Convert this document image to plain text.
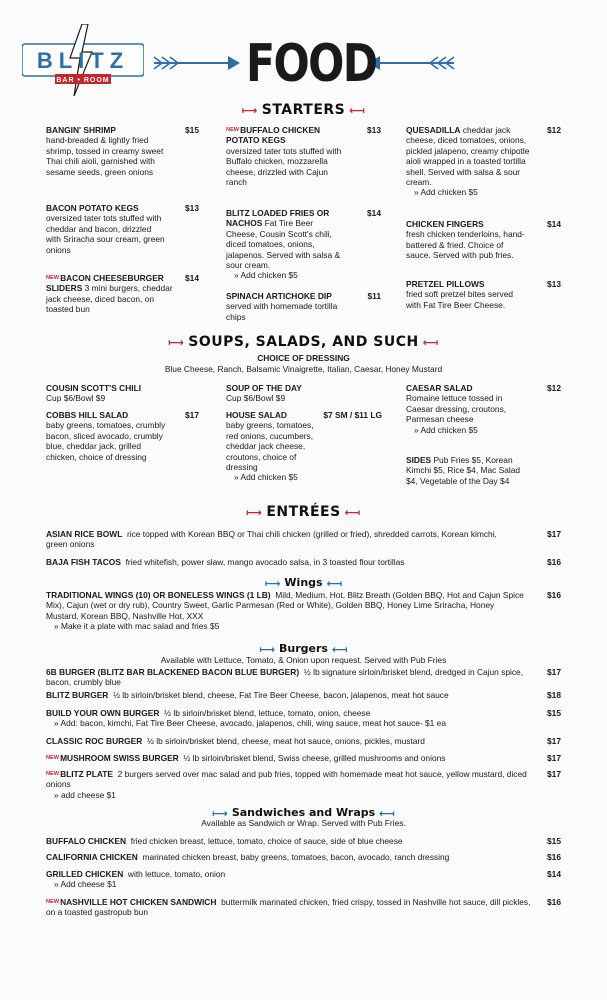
BLITZ
BAR • ROOM	FOOD
⟼ STARTERS ⟻
BANGIN' SHRIMP
hand-breaded & lightly fried shrimp, tossed in creamy sweet Thai chili aioli, garnished with sesame seeds, green onions
$15
BACON POTATO KEGS
oversized tater tots stuffed with cheddar and bacon, drizzled with Sriracha sour cream, green onions
$13
$^{NEW}$BACON CHEESEBURGER SLIDERS 3 mini burgers, cheddar jack cheese, diced bacon, on toasted bun
$14
$^{NEW}$BUFFALO CHICKEN POTATO KEGS
oversized tater tots stuffed with Buffalo chicken, mozzarella cheese, drizzled with Cajun ranch
$13
BLITZ LOADED FRIES OR NACHOS Fat Tire Beer Cheese, Cousin Scott's chili, diced tomatoes, onions, jalapenos. Served with salsa & sour cream.
» Add chicken $5
$14
SPINACH ARTICHOKE DIP
served with homemade tortilla chips
$11
QUESADILLA cheddar jack cheese, diced tomatoes, onions, pickled jalapeno, creamy chipotle aioli wrapped in a toasted tortilla shell. Served with salsa & sour cream.
» Add chicken $5
$12
CHICKEN FINGERS
fresh chicken tenderloins, hand-battered & fried. Choice of sauce. Served with pub fries.
$14
PRETZEL PILLOWS
fried soft pretzel bites served with Fat Tire Beer Cheese.
$13
⟼ SOUPS, SALADS, AND SUCH ⟻
CHOICE OF DRESSING
Blue Cheese, Ranch, Balsamic Vinaigrette, Italian, Caesar, Honey Mustard
COUSIN SCOTT'S CHILI
Cup $6/Bowl $9
COBBS HILL SALAD
baby greens, tomatoes, crumbly bacon, sliced avocado, crumbly blue, cheddar jack, grilled chicken, choice of dressing
$17
SOUP OF THE DAY
Cup $6/Bowl $9
HOUSE SALAD
baby greens, tomatoes, red onions, cucumbers, cheddar jack cheese, croutons, choice of dressing
» Add chicken $5
$7 SM / $11 LG
CAESAR SALAD
Romaine lettuce tossed in Caesar dressing, croutons, Parmesan cheese
» Add chicken $5
$12
SIDES Pub Fries $5, Korean Kimchi $5, Rice $4, Mac Salad $4, Vegetable of the Day $4
⟼ ENTRÉES ⟻
ASIAN RICE BOWL rice topped with Korean BBQ or Thai chili chicken (grilled or fried), shredded carrots, Korean kimchi, green onions
$17
BAJA FISH TACOS fried whitefish, power slaw, mango avocado salsa, in 3 toasted flour tortillas	$16
⟼ Wings ⟻
TRADITIONAL WINGS (10) OR BONELESS WINGS (1 LB) Mild, Medium, Hot, Blitz Breath (Golden BBQ, Hot and Cajun Spice Mix), Cajun (wet or dry rub), Country Sweet, Garlic Parmesan (Red or White), Golden BBQ, Honey Lime Sriracha, Honey Mustard, Korean BBQ, Nashville Hot, XXX
» Make it a plate with mac salad and fries $5
$16
⟼ Burgers ⟻
Available with Lettuce, Tomato, & Onion upon request. Served with Pub Fries
6B BURGER (BLITZ BAR BLACKENED BACON BLUE BURGER) ½ lb signature sirloin/brisket blend, dredged in Cajun spice, bacon, crumbly blue
$17
BLITZ BURGER ½ lb sirloin/brisket blend, cheese, Fat Tire Beer Cheese, bacon, jalapenos, meat hot sauce	$18
BUILD YOUR OWN BURGER ½ lb sirloin/brisket blend, lettuce, tomato, onion, cheese
» Add: bacon, kimchi, Fat Tire Beer Cheese, avocado, jalapenos, chili, wing sauce, meat hot sauce- $1 ea
$15
CLASSIC ROC BURGER ½ lb sirloin/brisket blend, cheese, meat hot sauce, onions, pickles, mustard	$17
$^{NEW}$MUSHROOM SWISS BURGER ½ lb sirloin/brisket blend, Swiss cheese, grilled mushrooms and onions	$17
$^{NEW}$BLITZ PLATE 2 burgers served over mac salad and pub fries, topped with homemade meat hot sauce, yellow mustard, diced onions
» add cheese $1
$17
⟼ Sandwiches and Wraps ⟻
Available as Sandwich or Wrap. Served with Pub Fries.
BUFFALO CHICKEN fried chicken breast, lettuce, tomato, choice of sauce, side of blue cheese	$15
CALIFORNIA CHICKEN marinated chicken breast, baby greens, tomatoes, bacon, avocado, ranch dressing	$16
GRILLED CHICKEN with lettuce, tomato, onion
» Add cheese $1
$14
$^{NEW}$NASHVILLE HOT CHICKEN SANDWICH buttermilk marinated chicken, fried crispy, tossed in Nashville hot sauce, dill pickles, on a toasted gastropub bun
$16
